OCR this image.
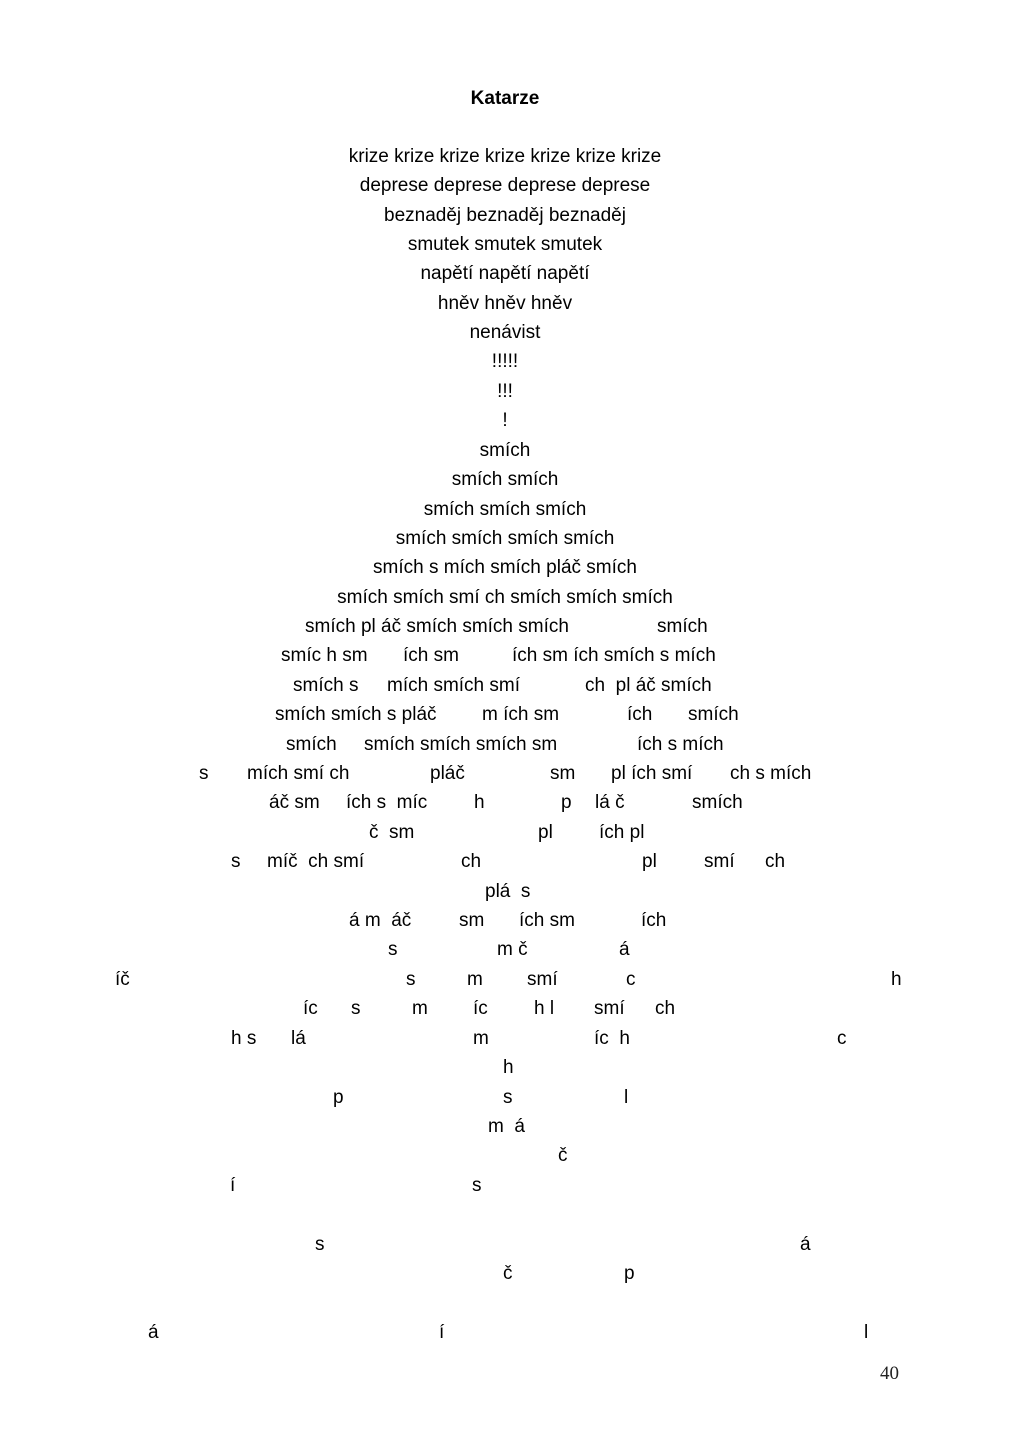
Katarze
krize krize krize krize krize krize krize
deprese deprese deprese deprese
beznaděj beznaděj beznaděj
smutek smutek smutek
napětí napětí napětí
hněv hněv hněv
nenávist
!!!!!
!!!
!
smích
smích smích
smích smích smích
smích smích smích smích
smích s mích smích pláč smích
smích smích smí ch smích smích smích
smích pl áč smích smích smích	smích
smíc h sm ích sm	ích sm ích smích s mích
smích s mích smích smí	ch  pl áč smích
smích smích s pláč m ích sm	ích smích
smích smích smích smích sm	ích s mích
s mích smí ch	pláč	sm pl ích smí ch s mích
áč sm ích s  míc h	p lá č	smích
č  sm	pl ích pl
s míč  ch smí	ch	pl smí ch
plá  s
á m  áč	sm ích sm	ích
s	m č	á
íč	s	m smí	c	h
íc s	m íc h l smí ch
h s lá	m	íc  h	c
h
p	s	l
m  á
č
í	s
s	á
č	p
á	í	l
40
